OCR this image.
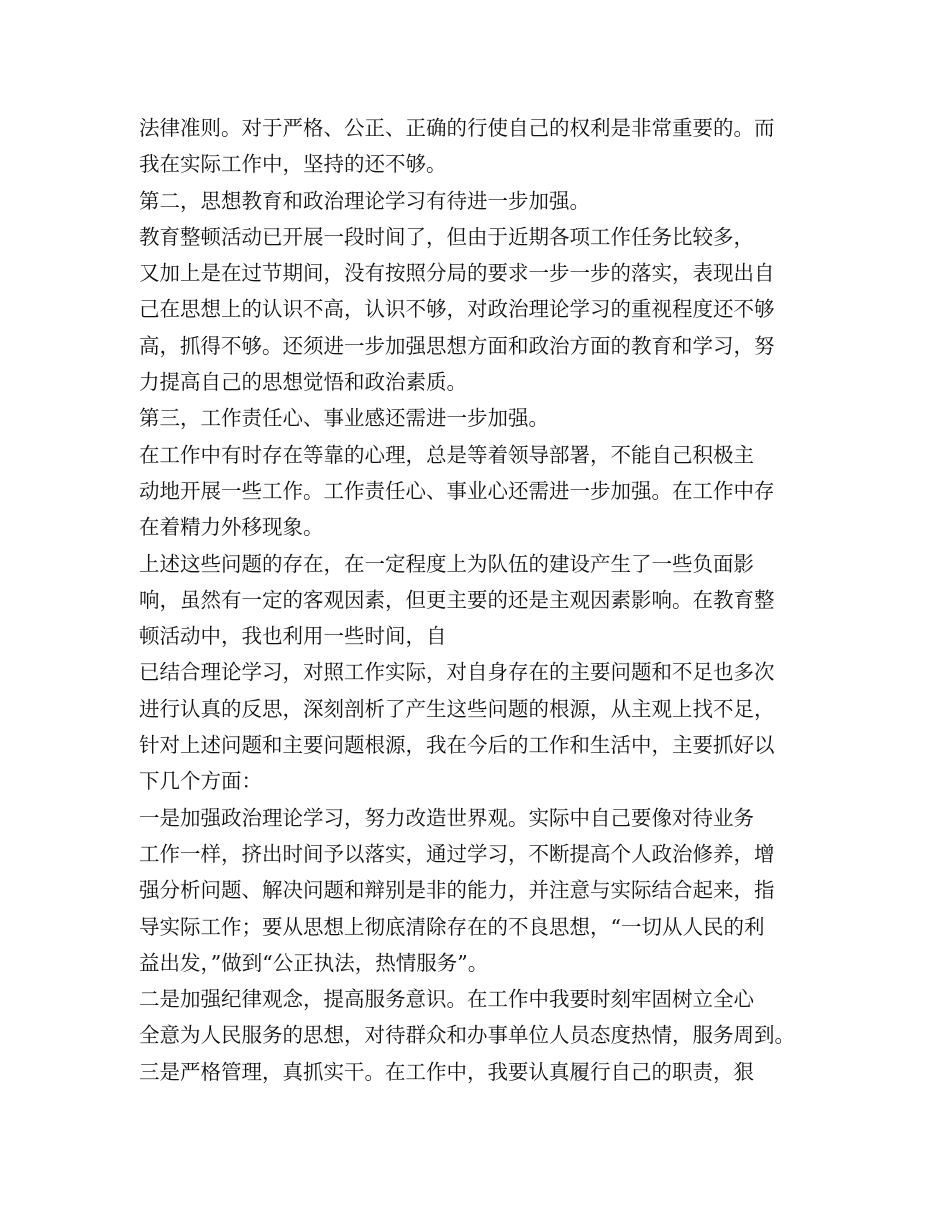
法律准则。对于严格、公正、正确的行使自己的权利是非常重要的。而
我在实际工作中，坚持的还不够。
第二，思想教育和政治理论学习有待进一步加强。
教育整顿活动已开展一段时间了，但由于近期各项工作任务比较多，
又加上是在过节期间，没有按照分局的要求一步一步的落实，表现出自
己在思想上的认识不高，认识不够，对政治理论学习的重视程度还不够
高，抓得不够。还须进一步加强思想方面和政治方面的教育和学习，努
力提高自己的思想觉悟和政治素质。
第三，工作责任心、事业感还需进一步加强。
在工作中有时存在等靠的心理，总是等着领导部署，不能自己积极主
动地开展一些工作。工作责任心、事业心还需进一步加强。在工作中存
在着精力外移现象。
上述这些问题的存在，在一定程度上为队伍的建设产生了一些负面影
响，虽然有一定的客观因素，但更主要的还是主观因素影响。在教育整
顿活动中，我也利用一些时间，自
已结合理论学习，对照工作实际，对自身存在的主要问题和不足也多次
进行认真的反思，深刻剖析了产生这些问题的根源，从主观上找不足，
针对上述问题和主要问题根源，我在今后的工作和生活中，主要抓好以
下几个方面：
一是加强政治理论学习，努力改造世界观。实际中自己要像对待业务
工作一样，挤出时间予以落实，通过学习，不断提高个人政治修养，增
强分析问题、解决问题和辩别是非的能力，并注意与实际结合起来，指
导实际工作；要从思想上彻底清除存在的不良思想，“一切从人民的利
益出发，”做到“公正执法，热情服务”。
二是加强纪律观念，提高服务意识。在工作中我要时刻牢固树立全心
全意为人民服务的思想，对待群众和办事单位人员态度热情，服务周到。
三是严格管理，真抓实干。在工作中，我要认真履行自己的职责，狠
